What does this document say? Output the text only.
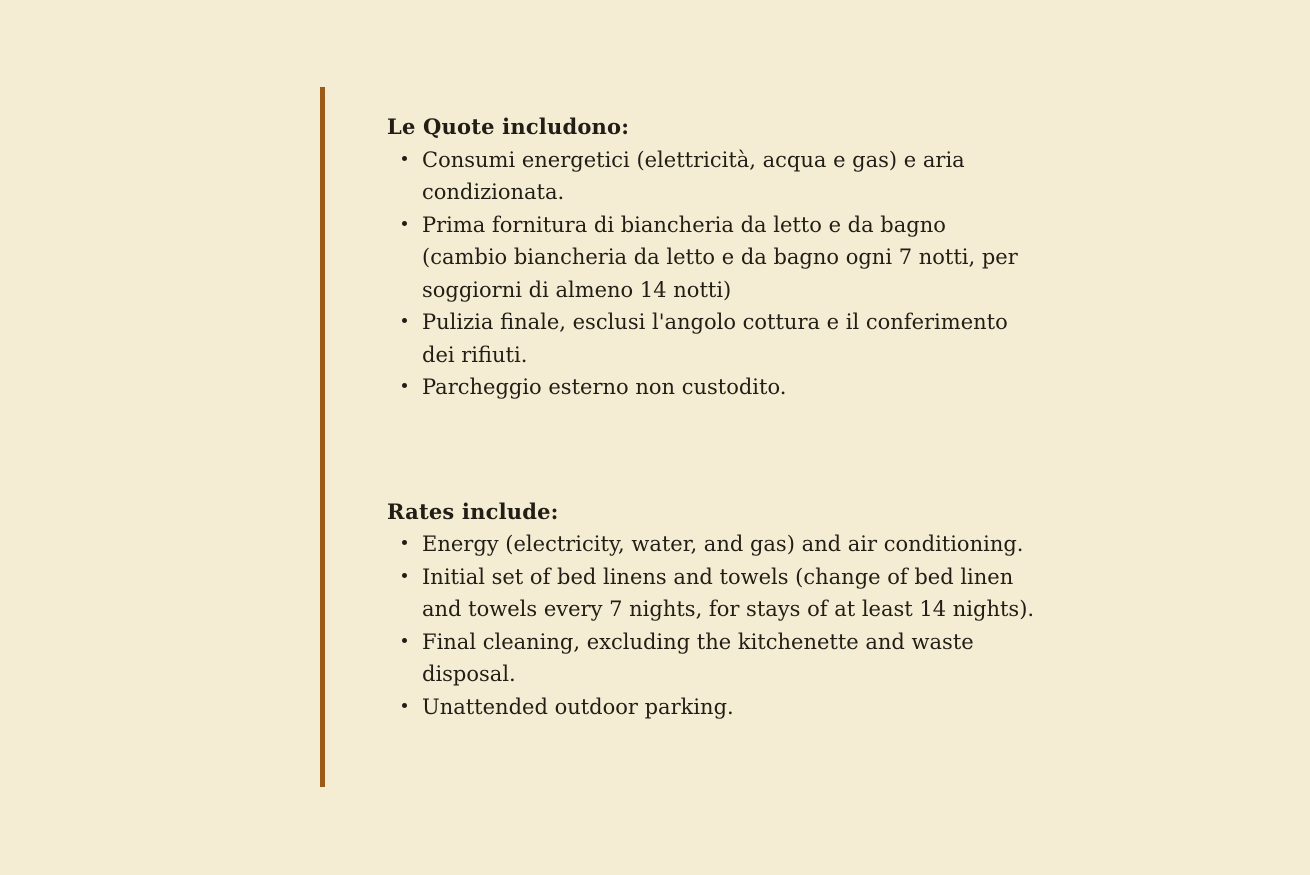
Le Quote includono:
Consumi energetici (elettricità, acqua e gas) e aria condizionata.
Prima fornitura di biancheria da letto e da bagno (cambio biancheria da letto e da bagno ogni 7 notti, per soggiorni di almeno 14 notti)
Pulizia finale, esclusi l'angolo cottura e il conferimento dei rifiuti.
Parcheggio esterno non custodito.
Rates include:
Energy (electricity, water, and gas) and air conditioning.
Initial set of bed linens and towels (change of bed linen and towels every 7 nights, for stays of at least 14 nights).
Final cleaning, excluding the kitchenette and waste disposal.
Unattended outdoor parking.
